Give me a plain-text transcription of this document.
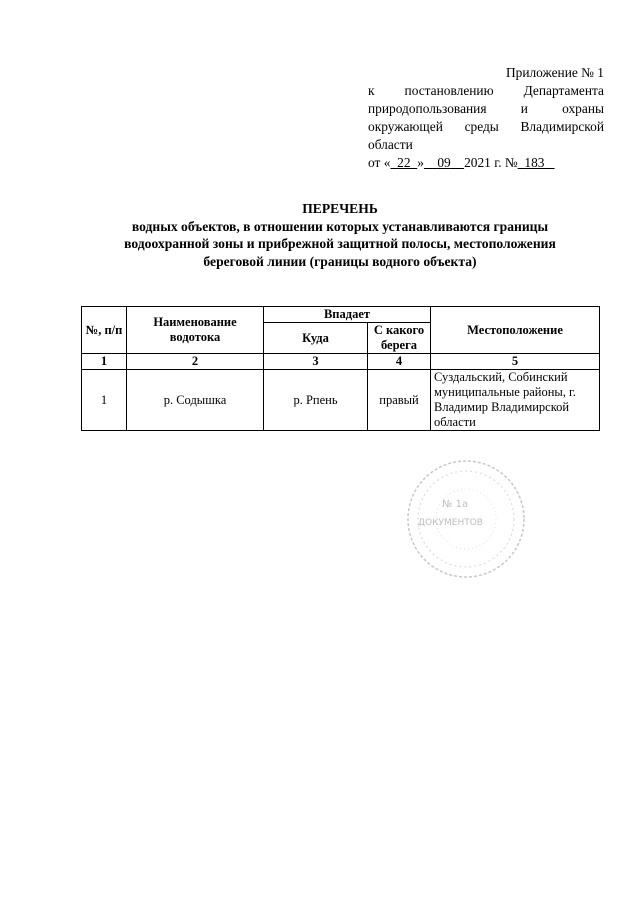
Приложение № 1
к постановлению Департамента
природопользования и охраны
окружающей среды Владимирской
области
от « 22 » 09 2021 г. № 183
ПЕРЕЧЕНЬ
водных объектов, в отношении которых устанавливаются границы
водоохранной зоны и прибрежной защитной полосы, местоположения
береговой линии (границы водного объекта)
№, п/п	Наименование водотока	Впадает		Местоположение
		Куда	С какого берега	
1	2	3	4	5
1	р. Содышка	р. Рпень	правый	Суздальский, Собинский муниципальные районы, г. Владимир Владимирской области
№ 1а
ДОКУМЕНТОВ
